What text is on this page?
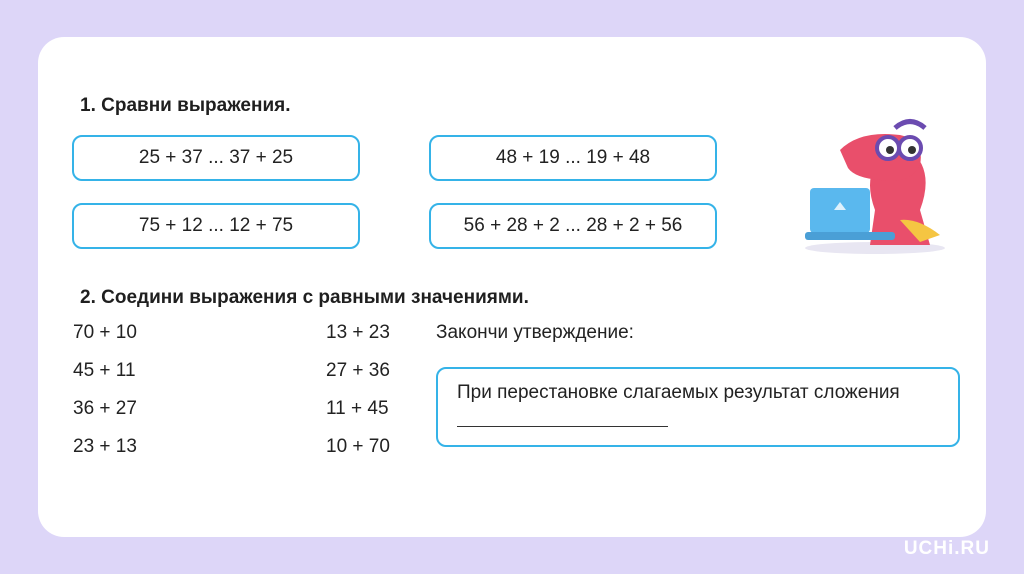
1. Сравни выражения.
25 + 37 ... 37 + 25	48 + 19 ... 19 + 48
75 + 12 ... 12 + 75	56 + 28 + 2 ... 28 + 2 + 56
2. Соедини выражения с равными значениями.
70 + 10
45 + 11
36 + 27
23 + 13
13 + 23
27 + 36
11 + 45
10 + 70
Закончи утверждение:
При перестановке слагаемых результат сложения
UCHi.RU
